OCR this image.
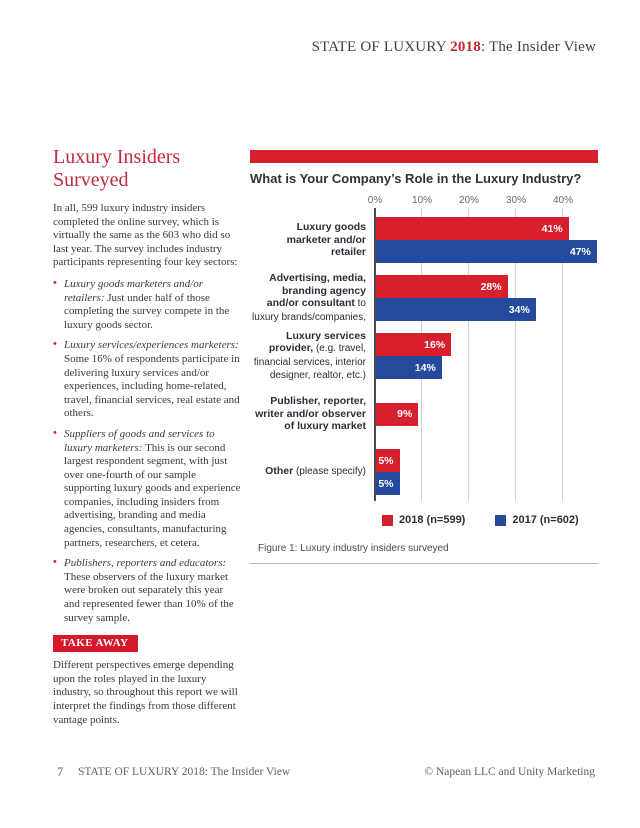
STATE OF LUXURY 2018: The Insider View
Luxury Insiders Surveyed

In all, 599 luxury industry insiders completed the online survey, which is virtually the same as the 603 who did so last year. The survey includes industry participants representing four key sectors:

• Luxury goods marketers and/or retailers: Just under half of those completing the survey compete in the luxury goods sector.
• Luxury services/experiences marketers: Some 16% of respondents participate in delivering luxury services and/or experiences, including home-related, travel, financial services, real estate and others.
• Suppliers of goods and services to luxury marketers: This is our second largest respondent segment, with just over one-fourth of our sample supporting luxury goods and experience companies, including insiders from advertising, branding and media agencies, consultants, manufacturing partners, researchers, et cetera.
• Publishers, reporters and educators: These observers of the luxury market were broken out separately this year and represented fewer than 10% of the survey sample.
TAKE AWAY

Different perspectives emerge depending upon the roles played in the luxury industry, so throughout this report we will interpret the findings from those different vantage points.

What is Your Company’s Role in the Luxury Industry?
0%	10%	20%	30%	40%
Luxury goods marketer and/or retailer
41%
47%
Advertising, media, branding agency and/or consultant to luxury brands/companies,
28%
34%
Luxury services provider, (e.g. travel, financial services, interior designer, realtor, etc.)
16%
14%
Publisher, reporter, writer and/or observer of luxury market
9%
Other (please specify)
5%
5%
2018 (n=599)	2017 (n=602)
Figure 1: Luxury industry insiders surveyed
7 STATE OF LUXURY 2018: The Insider View	© Napean LLC and Unity Marketing
